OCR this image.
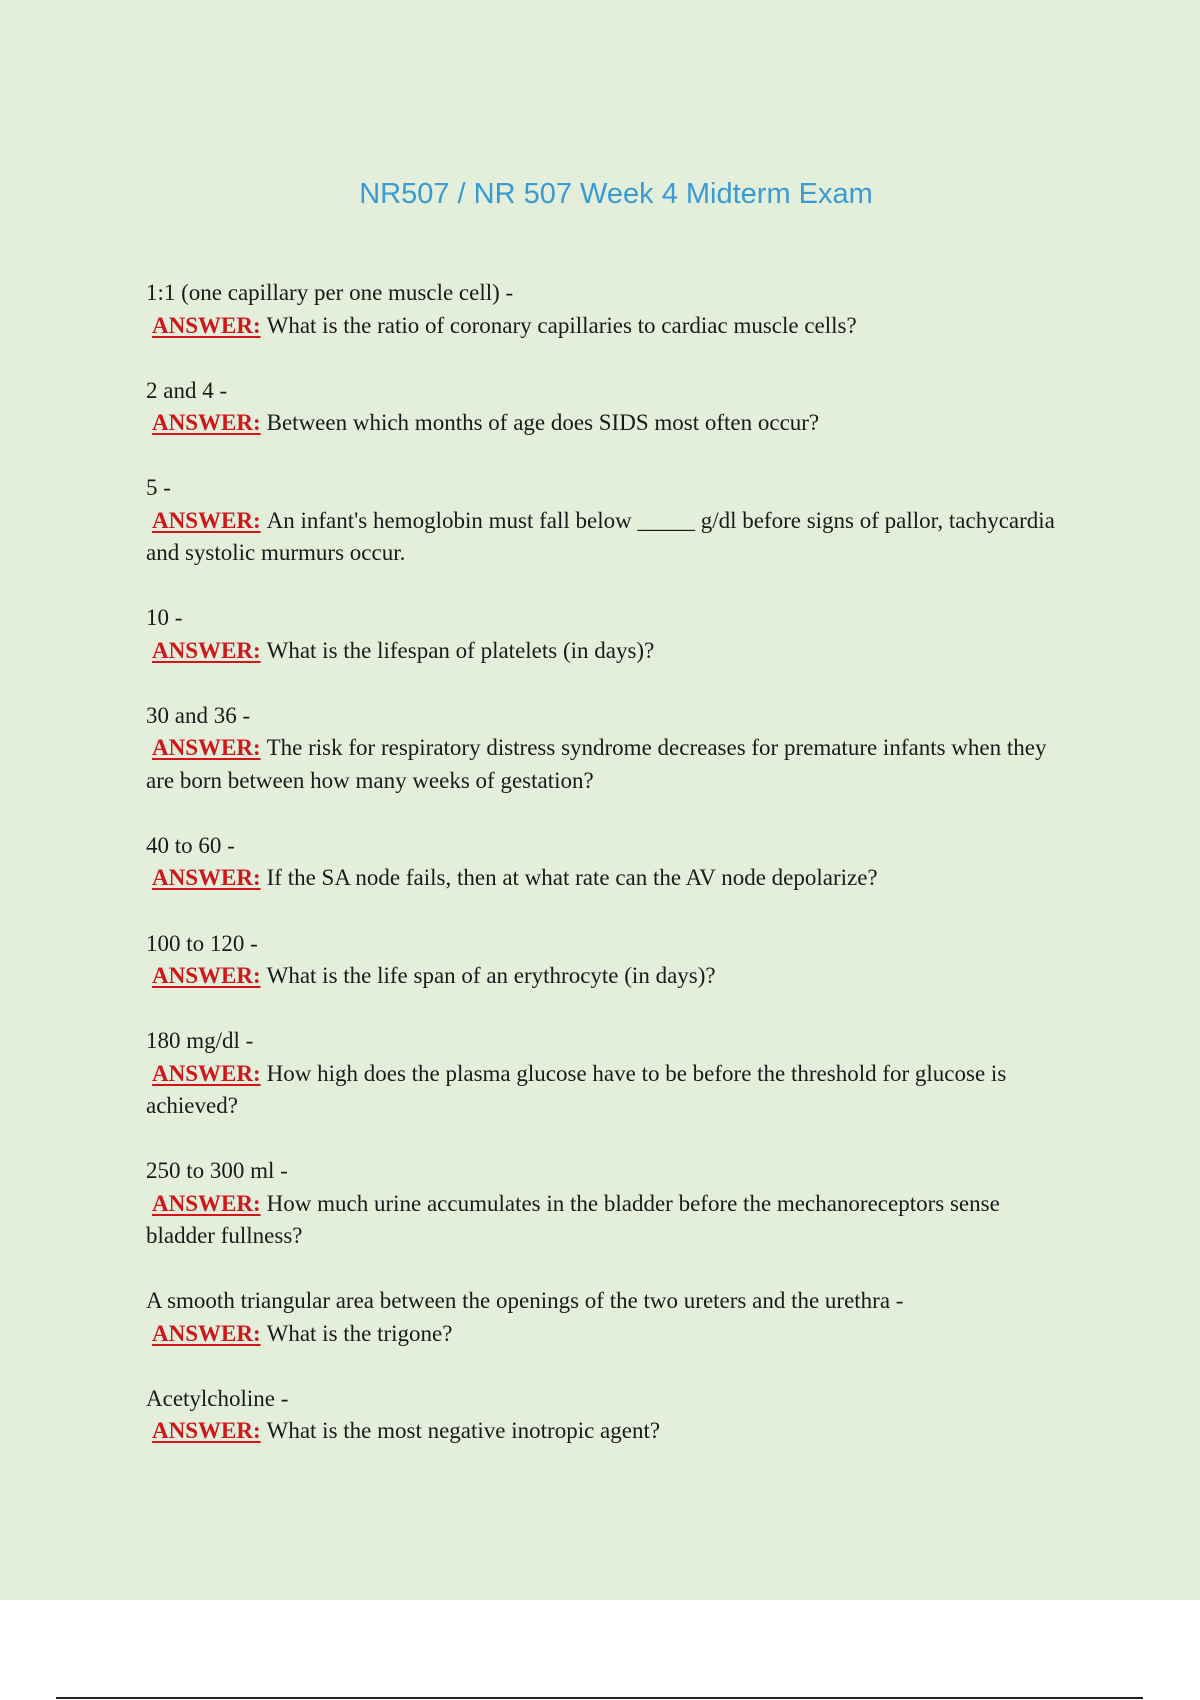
NR507 / NR 507 Week 4 Midterm Exam
1:1 (one capillary per one muscle cell) -
ANSWER: What is the ratio of coronary capillaries to cardiac muscle cells?
2 and 4 -
ANSWER: Between which months of age does SIDS most often occur?
5 -
ANSWER: An infant's hemoglobin must fall below _____ g/dl before signs of pallor, tachycardia and systolic murmurs occur.
10 -
ANSWER: What is the lifespan of platelets (in days)?
30 and 36 -
ANSWER: The risk for respiratory distress syndrome decreases for premature infants when they are born between how many weeks of gestation?
40 to 60 -
ANSWER: If the SA node fails, then at what rate can the AV node depolarize?
100 to 120 -
ANSWER: What is the life span of an erythrocyte (in days)?
180 mg/dl -
ANSWER: How high does the plasma glucose have to be before the threshold for glucose is achieved?
250 to 300 ml -
ANSWER: How much urine accumulates in the bladder before the mechanoreceptors sense bladder fullness?
A smooth triangular area between the openings of the two ureters and the urethra -
ANSWER: What is the trigone?
Acetylcholine -
ANSWER: What is the most negative inotropic agent?
